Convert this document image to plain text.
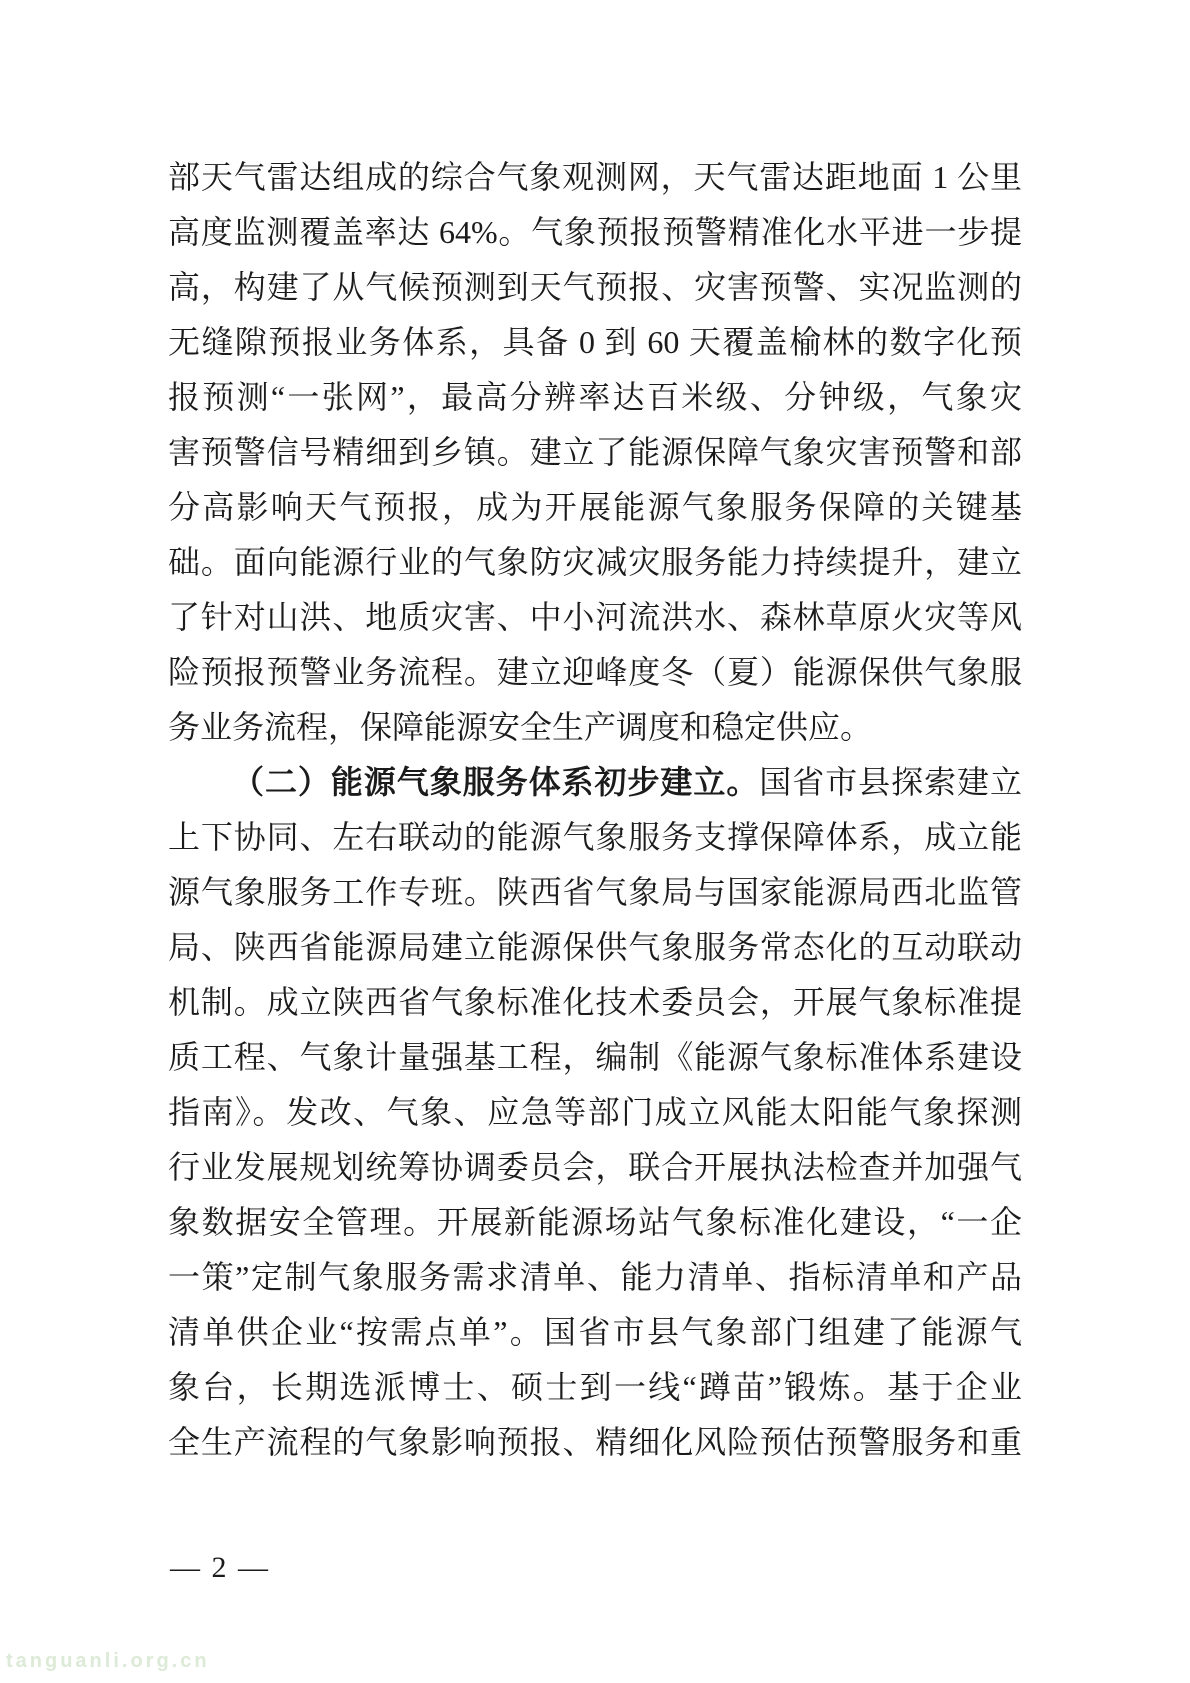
部天气雷达组成的综合气象观测网，天气雷达距地面 1 公里
高度监测覆盖率达 64%。气象预报预警精准化水平进一步提
高，构建了从气候预测到天气预报、灾害预警、实况监测的
无缝隙预报业务体系，具备 0 到 60 天覆盖榆林的数字化预
报预测“一张网”，最高分辨率达百米级、分钟级，气象灾
害预警信号精细到乡镇。建立了能源保障气象灾害预警和部
分高影响天气预报，成为开展能源气象服务保障的关键基
础。面向能源行业的气象防灾减灾服务能力持续提升，建立
了针对山洪、地质灾害、中小河流洪水、森林草原火灾等风
险预报预警业务流程。建立迎峰度冬（夏）能源保供气象服
务业务流程，保障能源安全生产调度和稳定供应。
（二）能源气象服务体系初步建立。国省市县探索建立
上下协同、左右联动的能源气象服务支撑保障体系，成立能
源气象服务工作专班。陕西省气象局与国家能源局西北监管
局、陕西省能源局建立能源保供气象服务常态化的互动联动
机制。成立陕西省气象标准化技术委员会，开展气象标准提
质工程、气象计量强基工程，编制《能源气象标准体系建设
指南》。发改、气象、应急等部门成立风能太阳能气象探测
行业发展规划统筹协调委员会，联合开展执法检查并加强气
象数据安全管理。开展新能源场站气象标准化建设，“一企
一策”定制气象服务需求清单、能力清单、指标清单和产品
清单供企业“按需点单”。国省市县气象部门组建了能源气
象台，长期选派博士、硕士到一线“蹲苗”锻炼。基于企业
全生产流程的气象影响预报、精细化风险预估预警服务和重
— 2 —
tanguanli.org.cn
